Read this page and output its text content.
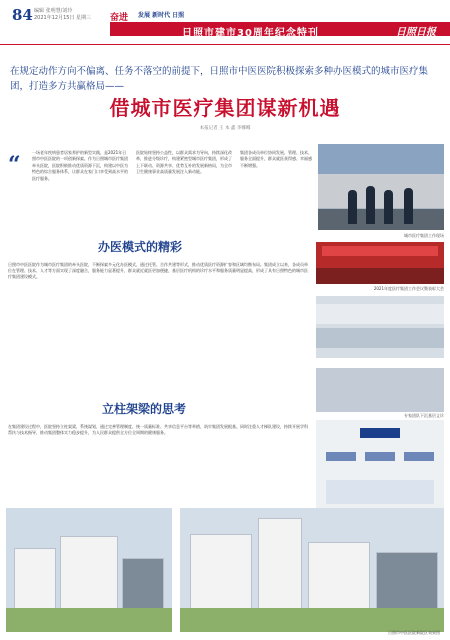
84 编辑 张明慧/刘玲
2021年12月15日 星期三 奋进 发展 新时代 日照
日照市建市30周年纪念特刊	日照日报
在规定动作方向不偏离、任务不落空的前提下，日照市中医医院积极探索多种办医模式的城市医疗集团，打造多方共赢格局——
借城市医疗集团谋新机遇
本报记者 王 本 鑫 李娜娜
“	一场老年疾病患者居家养护的新型实践，是2021年日照市中医医院的一项创新探索。作为日照城市医疗集团牵头医院，医院积极推动优质资源下沉，构建以中医为特色的综合服务体系，让群众在家门口享受到高水平的医疗服务。
医院始终坚持公益性，以群众需求为导向，持续深化改革，推进分级诊疗，构建紧密型城市医疗集团，形成了上下联动、资源共享、优势互补的发展新格局，为全市卫生健康事业高质量发展注入新动能。
集团各成员单位协同发展，管理、技术、服务全面提升，群众就医获得感、幸福感不断增强。
城市医疗集团工作现场
办医模式的精彩
日照市中医医院作为城市医疗集团的牵头医院，不断探索多元化办医模式，通过托管、合作共建等形式，推动优质医疗资源扩容和区域均衡布局。集团成立以来，各成员单位在管理、技术、人才等方面实现了深度融合，服务能力显著提升，群众就近就医更加便捷，基层医疗机构的诊疗水平和服务质量明显提高，形成了具有日照特色的城市医疗集团建设模式。
2021年度医疗集团工作会议暨表彰大会
专家团队下沉基层义诊
立柱架梁的思考
在集团建设过程中，医院坚持立柱架梁，系统谋划，通过完善管理制度、统一质量标准、共享信息平台等举措，筑牢集团发展根基。同时注重人才梯队建设，持续开展学科帮扶与技术指导，推动集团整体实力稳步提升，为人民群众提供全方位全周期的健康服务。
日照市中医医院新院区效果图
